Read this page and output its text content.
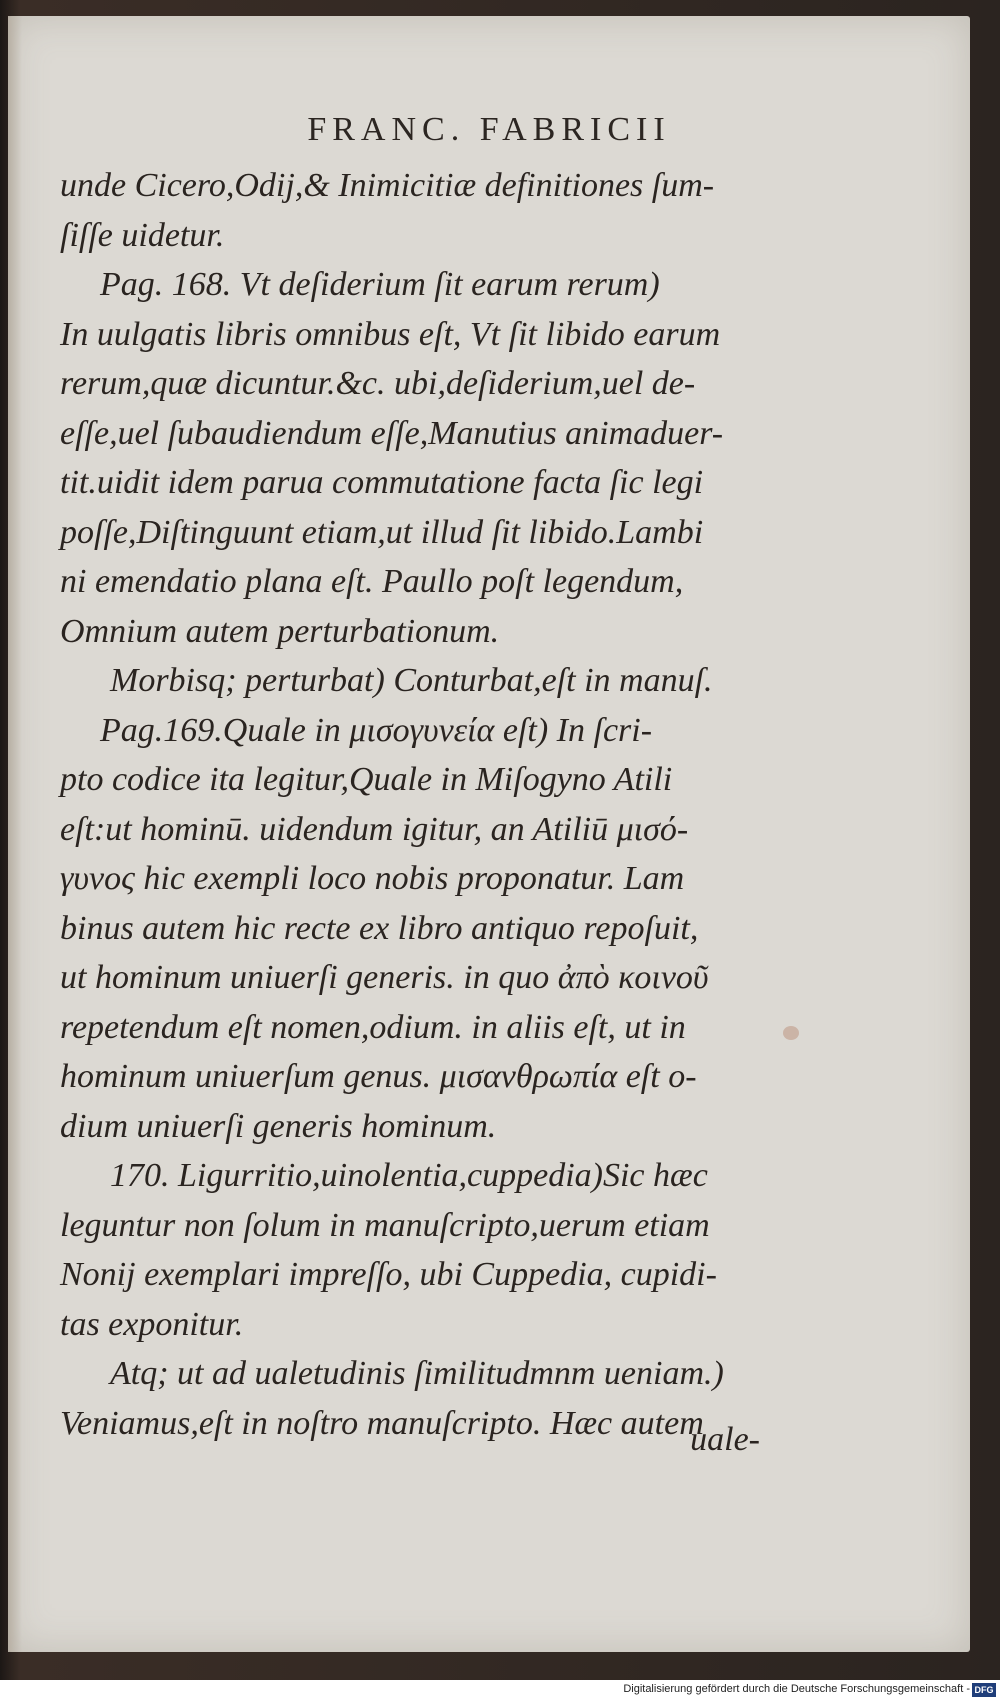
FRANC. FABRICII
unde Cicero,Odij,& Inimicitiæ definitiones ſum-
ſiſſe uidetur.
Pag. 168. Vt deſiderium ſit earum rerum)
In uulgatis libris omnibus eſt, Vt ſit libido earum
rerum,quæ dicuntur.&c. ubi,deſiderium,uel de-
eſſe,uel ſubaudiendum eſſe,Manutius animaduer-
tit.uidit idem parua commutatione facta ſic legi
poſſe,Diſtinguunt etiam,ut illud ſit libido.Lambi
ni emendatio plana eſt. Paullo poſt legendum,
Omnium autem perturbationum.
Morbisq; perturbat) Conturbat,eſt in manuſ.
Pag.169.Quale in μισογυνεία eſt) In ſcri-
pto codice ita legitur,Quale in Miſogyno Atili
eſt:ut hominū. uidendum igitur, an Atiliū μισό-
γυνος hic exempli loco nobis proponatur. Lam
binus autem hic recte ex libro antiquo repoſuit,
ut hominum uniuerſi generis. in quo ἀπὸ κοινοῦ
repetendum eſt nomen,odium. in aliis eſt, ut in
hominum uniuerſum genus. μισανθρωπία eſt o-
dium uniuerſi generis hominum.
170. Ligurritio,uinolentia,cuppedia)Sic hæc
leguntur non ſolum in manuſcripto,uerum etiam
Nonij exemplari impreſſo, ubi Cuppedia, cupidi-
tas exponitur.
Atq; ut ad ualetudinis ſimilitudmnm ueniam.)
Veniamus,eſt in noſtro manuſcripto. Hæc autem
uale-
Digitalisierung gefördert durch die Deutsche Forschungsgemeinschaft - DFG
